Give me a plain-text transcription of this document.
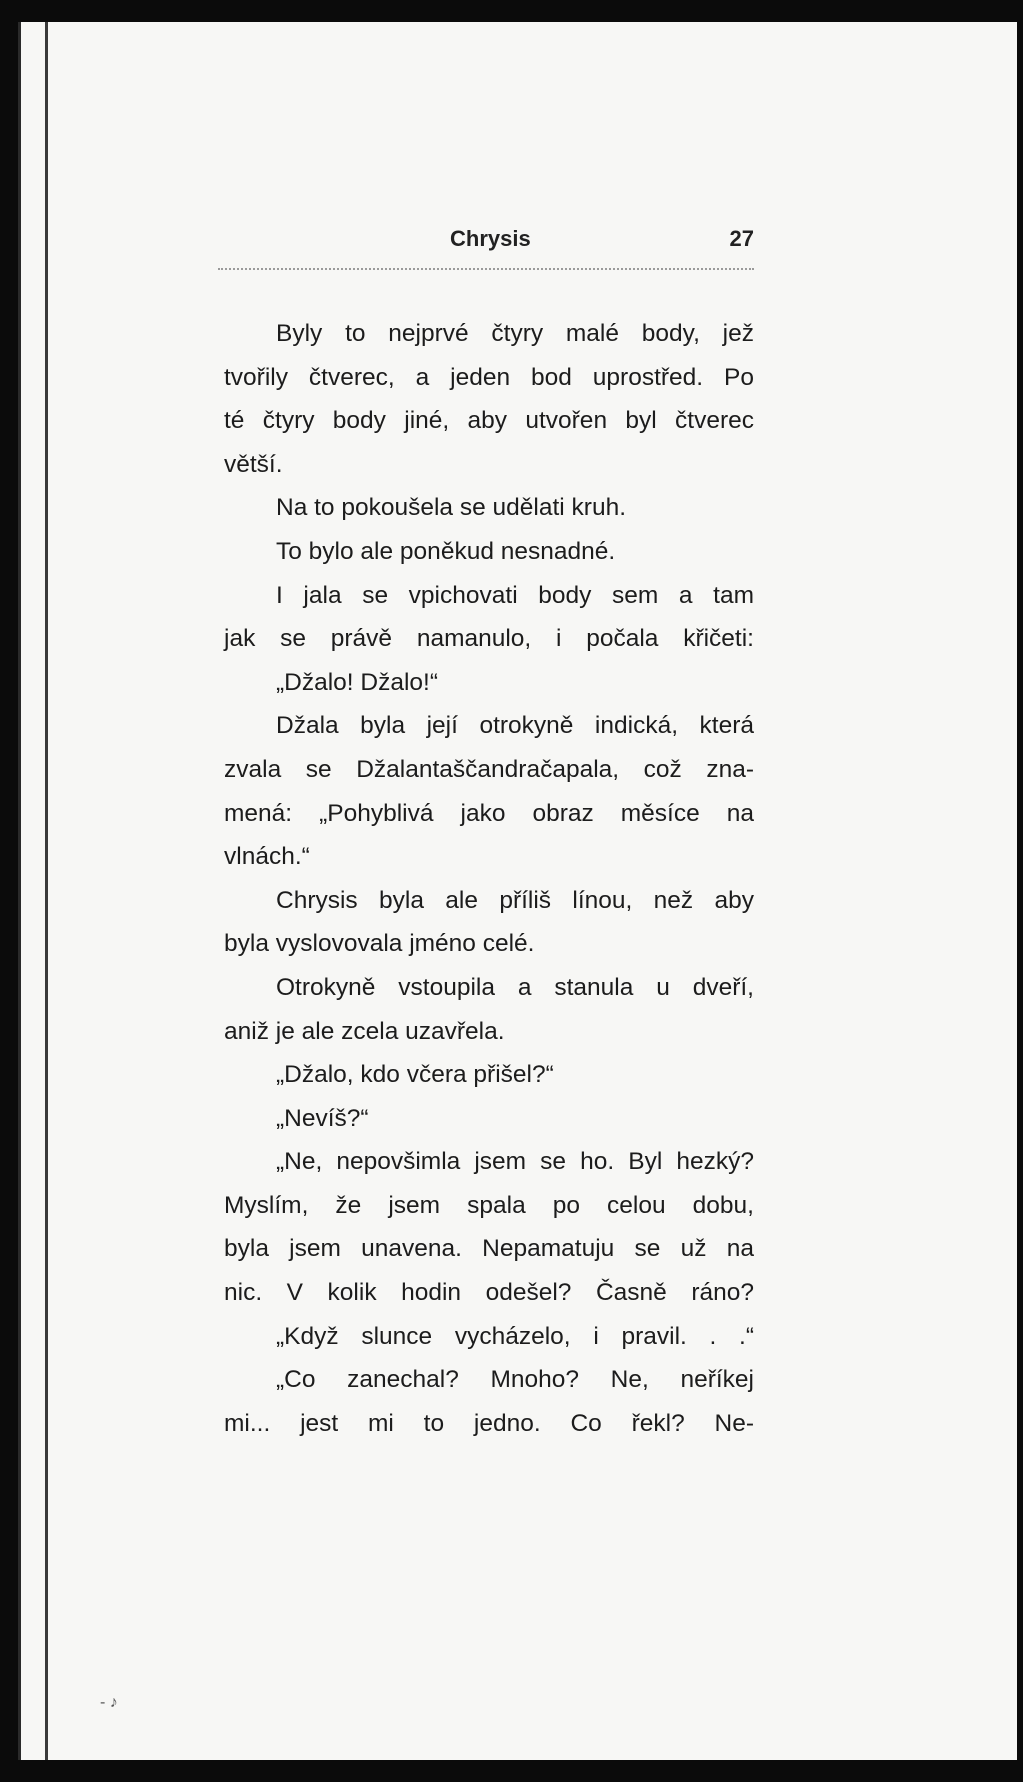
Chrysis	27
Byly to nejprvé čtyry malé body, jež
tvořily čtverec, a jeden bod uprostřed. Po
té čtyry body jiné, aby utvořen byl čtverec
větší.
Na to pokoušela se udělati kruh.
To bylo ale poněkud nesnadné.
I jala se vpichovati body sem a tam
jak se právě namanulo, i počala křičeti:
„Džalo! Džalo!“
Džala byla její otrokyně indická, která
zvala se Džalantaščandračapala, což zna-
mená: „Pohyblivá jako obraz měsíce na
vlnách.“
Chrysis byla ale příliš línou, než aby
byla vyslovovala jméno celé.
Otrokyně vstoupila a stanula u dveří,
aniž je ale zcela uzavřela.
„Džalo, kdo včera přišel?“
„Nevíš?“
„Ne, nepovšimla jsem se ho. Byl hezký?
Myslím, že jsem spala po celou dobu,
byla jsem unavena. Nepamatuju se už na
nic. V kolik hodin odešel? Časně ráno?
„Když slunce vycházelo, i pravil. . .“
„Co zanechal? Mnoho? Ne, neříkej
mi... jest mi to jedno. Co řekl? Ne-
- ♪
